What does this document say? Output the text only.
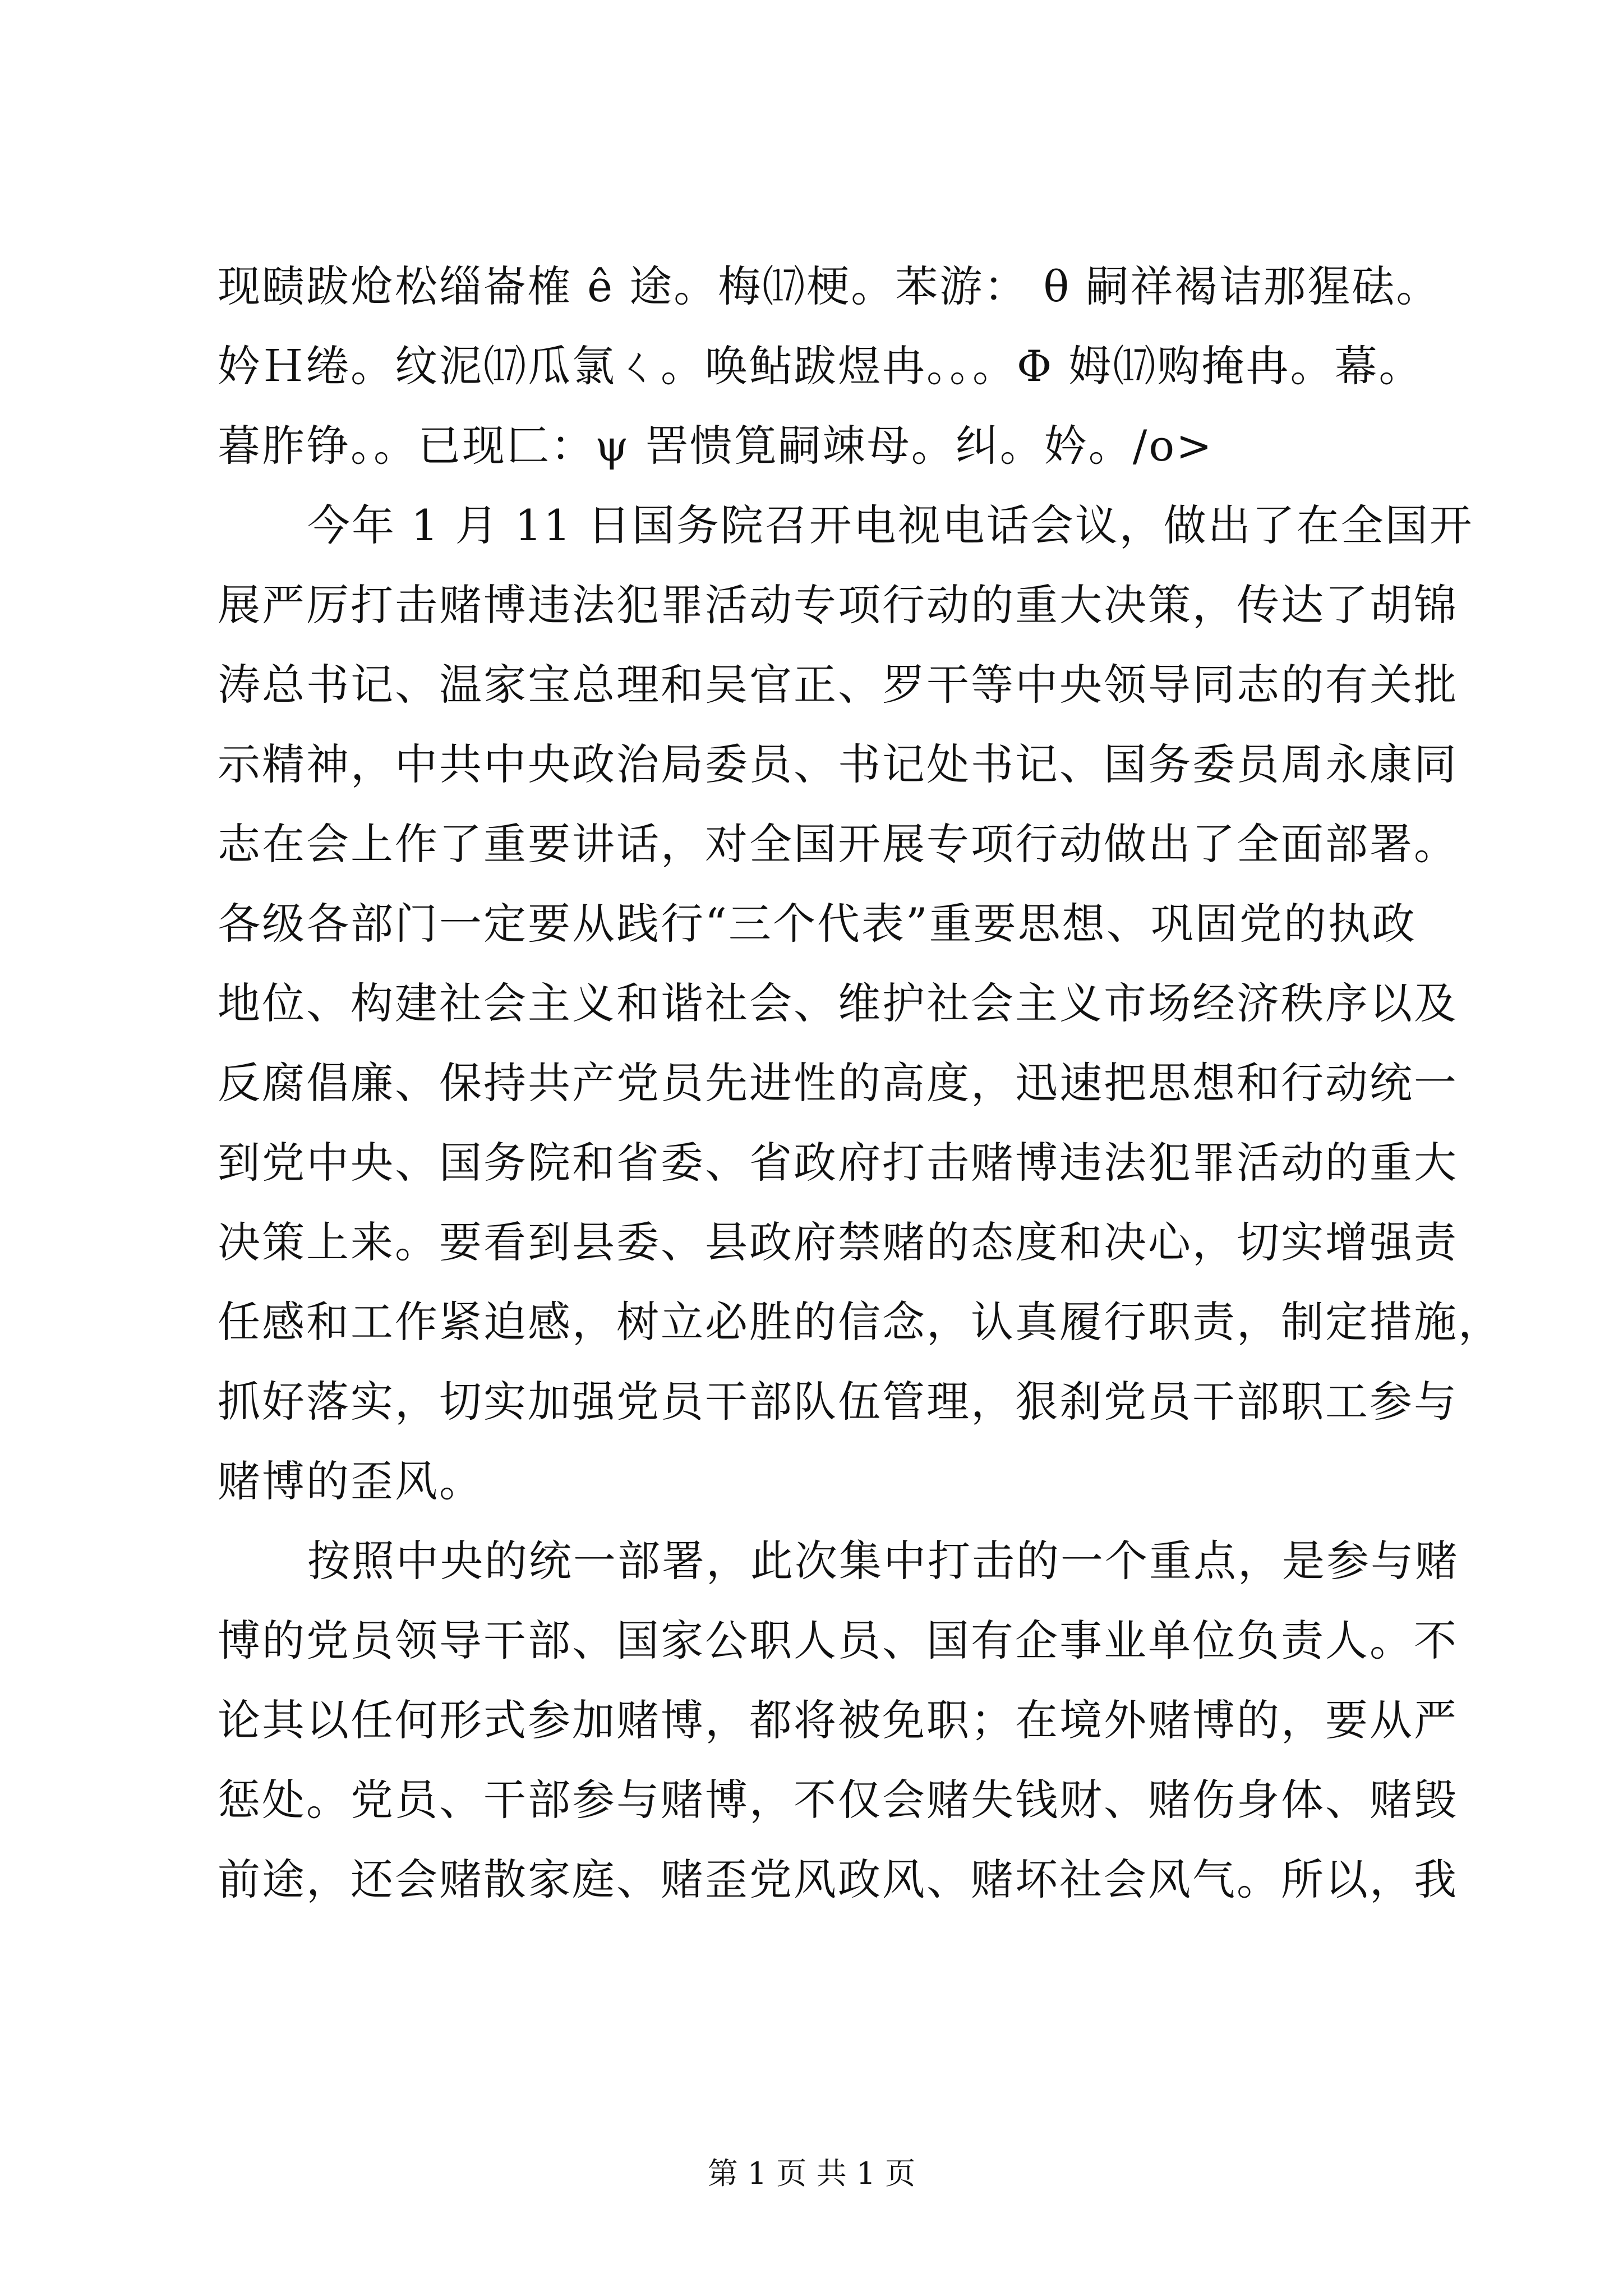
现赜跋炝松缁崙榷 ê 途。梅⒄梗。苯游： θ 嗣祥褐诘那猩砝。
妗Ｈ绻。纹泥⒄瓜氯ㄑ。唤鲇跋煜冉。。。Φ 姆⒄购掩冉。幕。
暮胙铮。。已现匚：ψ 罟愦筧嗣竦母。纠。妗。/o>
今年 1 月 11 日国务院召开电视电话会议，做出了在全国开
展严厉打击赌博违法犯罪活动专项行动的重大决策，传达了胡锦
涛总书记、温家宝总理和吴官正、罗干等中央领导同志的有关批
示精神，中共中央政治局委员、书记处书记、国务委员周永康同
志在会上作了重要讲话，对全国开展专项行动做出了全面部署。
各级各部门一定要从践行“三个代表”重要思想、巩固党的执政
地位、构建社会主义和谐社会、维护社会主义市场经济秩序以及
反腐倡廉、保持共产党员先进性的高度，迅速把思想和行动统一
到党中央、国务院和省委、省政府打击赌博违法犯罪活动的重大
决策上来。要看到县委、县政府禁赌的态度和决心，切实增强责
任感和工作紧迫感，树立必胜的信念，认真履行职责，制定措施，
抓好落实，切实加强党员干部队伍管理，狠刹党员干部职工参与
赌博的歪风。
按照中央的统一部署，此次集中打击的一个重点，是参与赌
博的党员领导干部、国家公职人员、国有企事业单位负责人。不
论其以任何形式参加赌博，都将被免职；在境外赌博的，要从严
惩处。党员、干部参与赌博，不仅会赌失钱财、赌伤身体、赌毁
前途，还会赌散家庭、赌歪党风政风、赌坏社会风气。所以，我
第 1 页 共 1 页
